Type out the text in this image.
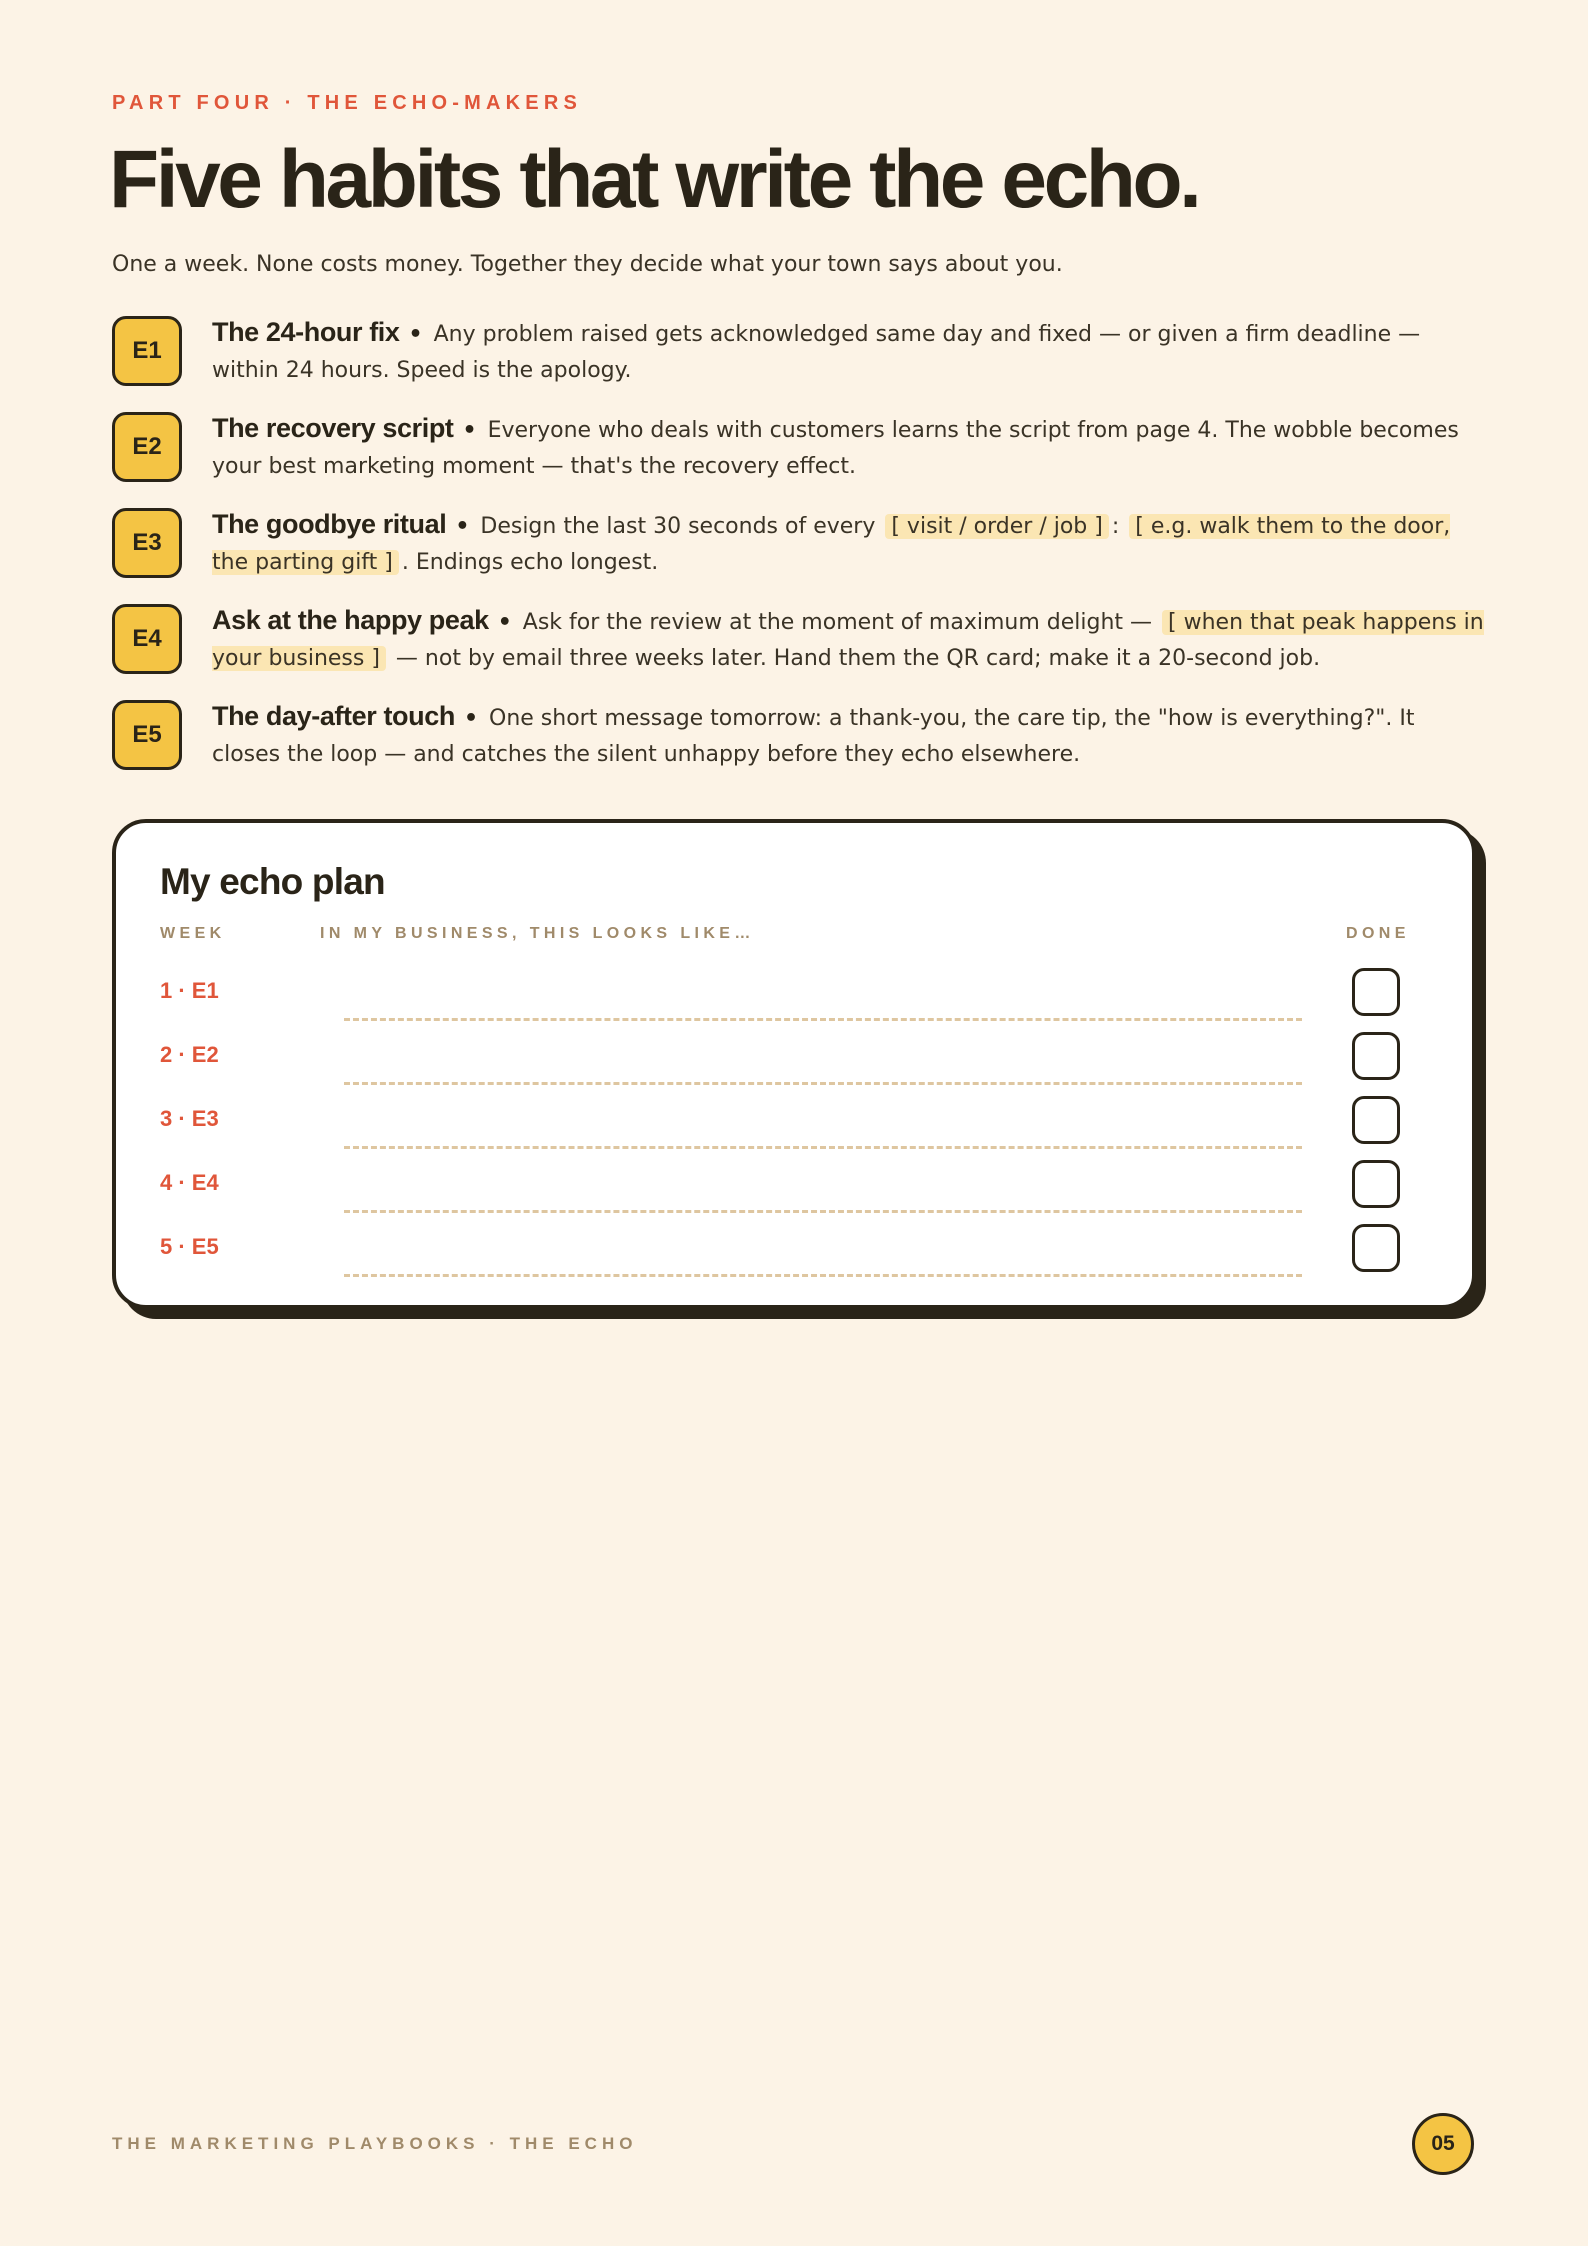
PART FOUR · THE ECHO-MAKERS
Five habits that write the echo.
One a week. None costs money. Together they decide what your town says about you.
E1
The 24-hour fix • Any problem raised gets acknowledged same day and fixed — or given a firm deadline — within 24 hours. Speed is the apology.
E2
The recovery script • Everyone who deals with customers learns the script from page 4. The wobble becomes your best marketing moment — that's the recovery effect.
E3
The goodbye ritual • Design the last 30 seconds of every [ visit / order / job ] : [ e.g. walk them to the door, the parting gift ] . Endings echo longest.
E4
Ask at the happy peak • Ask for the review at the moment of maximum delight — [ when that peak happens in your business ] — not by email three weeks later. Hand them the QR card; make it a 20-second job.
E5
The day-after touch • One short message tomorrow: a thank-you, the care tip, the "how is everything?". It closes the loop — and catches the silent unhappy before they echo elsewhere.
My echo plan
WEEK	IN MY BUSINESS, THIS LOOKS LIKE…	DONE
1 · E1
2 · E2
3 · E3
4 · E4
5 · E5
THE MARKETING PLAYBOOKS · THE ECHO	05
